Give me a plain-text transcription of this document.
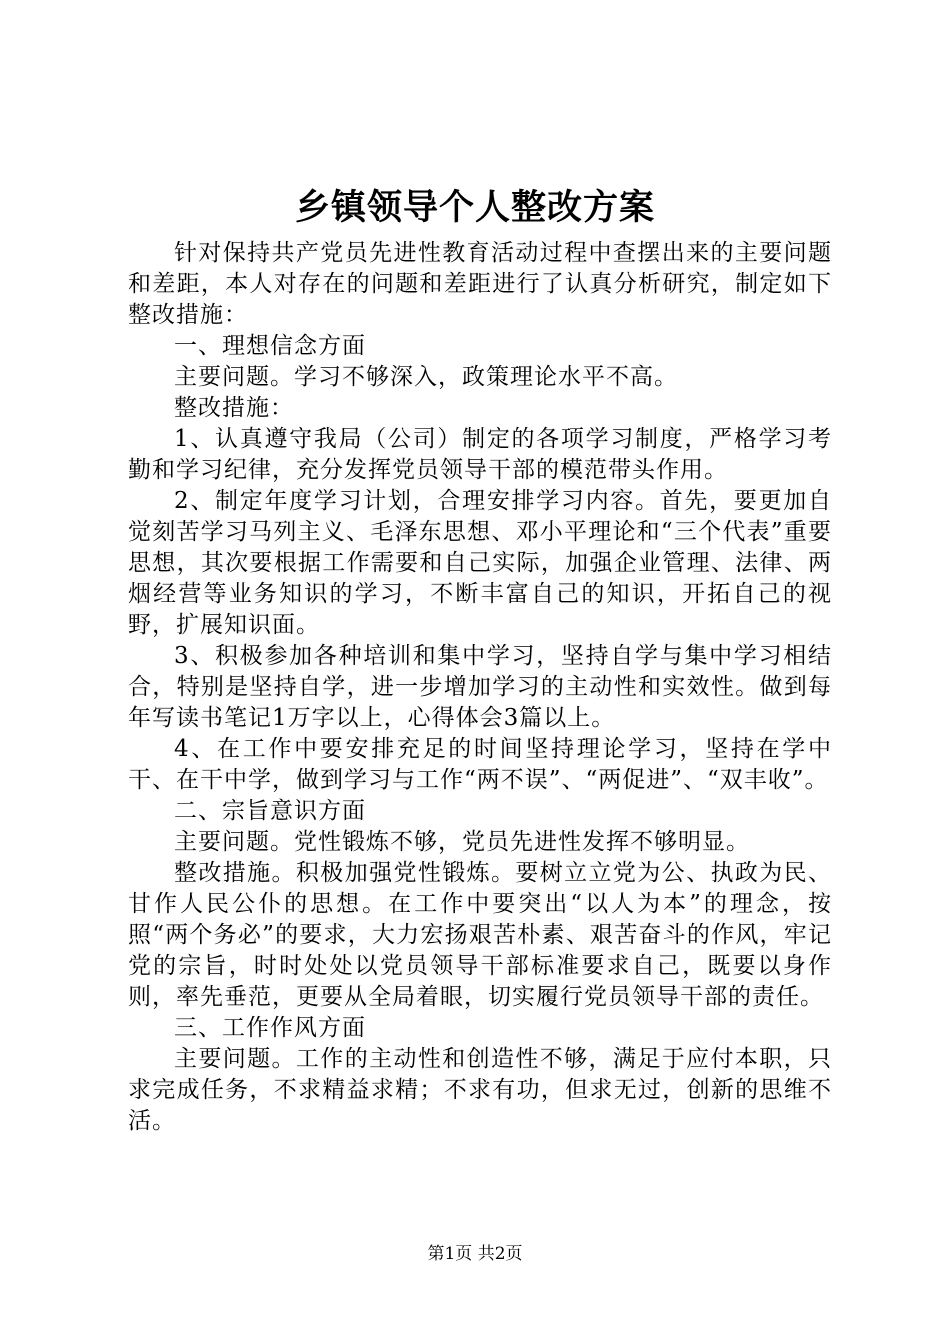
乡镇领导个人整改方案

针对保持共产党员先进性教育活动过程中查摆出来的主要问题和差距，本人对存在的问题和差距进行了认真分析研究，制定如下整改措施：

一、理想信念方面

主要问题。学习不够深入，政策理论水平不高。

整改措施：

1、认真遵守我局（公司）制定的各项学习制度，严格学习考勤和学习纪律，充分发挥党员领导干部的模范带头作用。

2、制定年度学习计划，合理安排学习内容。首先，要更加自觉刻苦学习马列主义、毛泽东思想、邓小平理论和“三个代表”重要思想，其次要根据工作需要和自己实际，加强企业管理、法律、两烟经营等业务知识的学习，不断丰富自己的知识，开拓自己的视野，扩展知识面。

3、积极参加各种培训和集中学习，坚持自学与集中学习相结合，特别是坚持自学，进一步增加学习的主动性和实效性。做到每年写读书笔记1万字以上，心得体会3篇以上。

4、在工作中要安排充足的时间坚持理论学习，坚持在学中干、在干中学，做到学习与工作“两不误”、“两促进”、“双丰收”。

二、宗旨意识方面

主要问题。党性锻炼不够，党员先进性发挥不够明显。

整改措施。积极加强党性锻炼。要树立立党为公、执政为民、甘作人民公仆的思想。在工作中要突出“以人为本”的理念，按照“两个务必”的要求，大力宏扬艰苦朴素、艰苦奋斗的作风，牢记党的宗旨，时时处处以党员领导干部标准要求自己，既要以身作则，率先垂范，更要从全局着眼，切实履行党员领导干部的责任。

三、工作作风方面

主要问题。工作的主动性和创造性不够，满足于应付本职，只求完成任务，不求精益求精；不求有功，但求无过，创新的思维不活。

第1页 共2页
